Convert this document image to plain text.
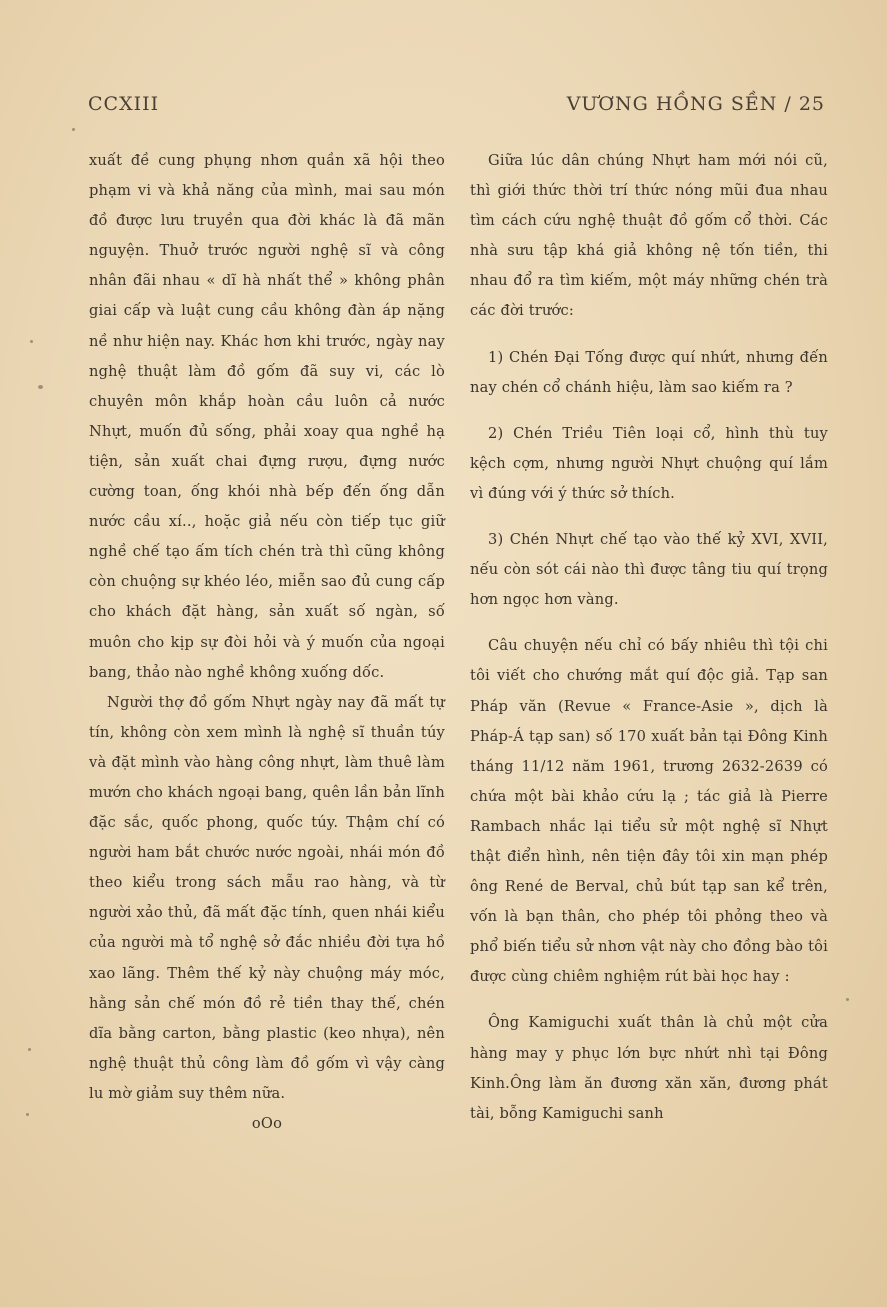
CCXIII	VƯƠNG HỒNG SỀN / 25

xuất đề cung phụng nhơn quần xã hội theo phạm vi và khả năng của mình, mai sau món đồ được lưu truyền qua đời khác là đã mãn nguyện. Thuở trước người nghệ sĩ và công nhân đãi nhau « dĩ hà nhất thể » không phân giai cấp và luật cung cầu không đàn áp nặng nề như hiện nay. Khác hơn khi trước, ngày nay nghệ thuật làm đồ gốm đã suy vi, các lò chuyên môn khắp hoàn cầu luôn cả nước Nhựt, muốn đủ sống, phải xoay qua nghề hạ tiện, sản xuất chai đựng rượu, đựng nước cường toan, ống khói nhà bếp đến ống dẫn nước cầu xí.., hoặc giả nếu còn tiếp tục giữ nghề chế tạo ấm tích chén trà thì cũng không còn chuộng sự khéo léo, miễn sao đủ cung cấp cho khách đặt hàng, sản xuất số ngàn, số muôn cho kịp sự đòi hỏi và ý muốn của ngoại bang, thảo nào nghề không xuống dốc.

Người thợ đồ gốm Nhựt ngày nay đã mất tự tín, không còn xem mình là nghệ sĩ thuần túy và đặt mình vào hàng công nhựt, làm thuê làm mướn cho khách ngoại bang, quên lần bản lĩnh đặc sắc, quốc phong, quốc túy. Thậm chí có người ham bắt chước nước ngoài, nhái món đồ theo kiểu trong sách mẫu rao hàng, và từ người xảo thủ, đã mất đặc tính, quen nhái kiểu của người mà tổ nghệ sở đắc nhiều đời tựa hồ xao lãng. Thêm thế kỷ này chuộng máy móc, hằng sản chế món đồ rẻ tiền thay thế, chén dĩa bằng carton, bằng plastic (keo nhựa), nên nghệ thuật thủ công làm đồ gốm vì vậy càng lu mờ giảm suy thêm nữa.

oOo

Giữa lúc dân chúng Nhựt ham mới nói cũ, thì giới thức thời trí thức nóng mũi đua nhau tìm cách cứu nghệ thuật đồ gốm cổ thời. Các nhà sưu tập khá giả không nệ tốn tiền, thi nhau đổ ra tìm kiếm, một máy những chén trà các đời trước:

1) Chén Đại Tống được quí nhứt, nhưng đến nay chén cổ chánh hiệu, làm sao kiếm ra ?

2) Chén Triều Tiên loại cổ, hình thù tuy kệch cợm, nhưng người Nhựt chuộng quí lắm vì đúng với ý thức sở thích.

3) Chén Nhựt chế tạo vào thế kỷ XVI, XVII, nếu còn sót cái nào thì được tâng tiu quí trọng hơn ngọc hơn vàng.

Câu chuyện nếu chỉ có bấy nhiêu thì tội chi tôi viết cho chướng mắt quí độc giả. Tạp san Pháp văn (Revue « France-Asie », dịch là Pháp-Á tạp san) số 170 xuất bản tại Đông Kinh tháng 11/12 năm 1961, trương 2632-2639 có chứa một bài khảo cứu lạ ; tác giả là Pierre Rambach nhắc lại tiểu sử một nghệ sĩ Nhựt thật điển hình, nên tiện đây tôi xin mạn phép ông René de Berval, chủ bút tạp san kể trên, vốn là bạn thân, cho phép tôi phỏng theo và phổ biến tiểu sử nhơn vật này cho đồng bào tôi được cùng chiêm nghiệm rút bài học hay :

Ông Kamiguchi xuất thân là chủ một cửa hàng may y phục lớn bực nhứt nhì tại Đông Kinh.Ông làm ăn đương xăn xăn, đương phát tài, bỗng Kamiguchi sanh
